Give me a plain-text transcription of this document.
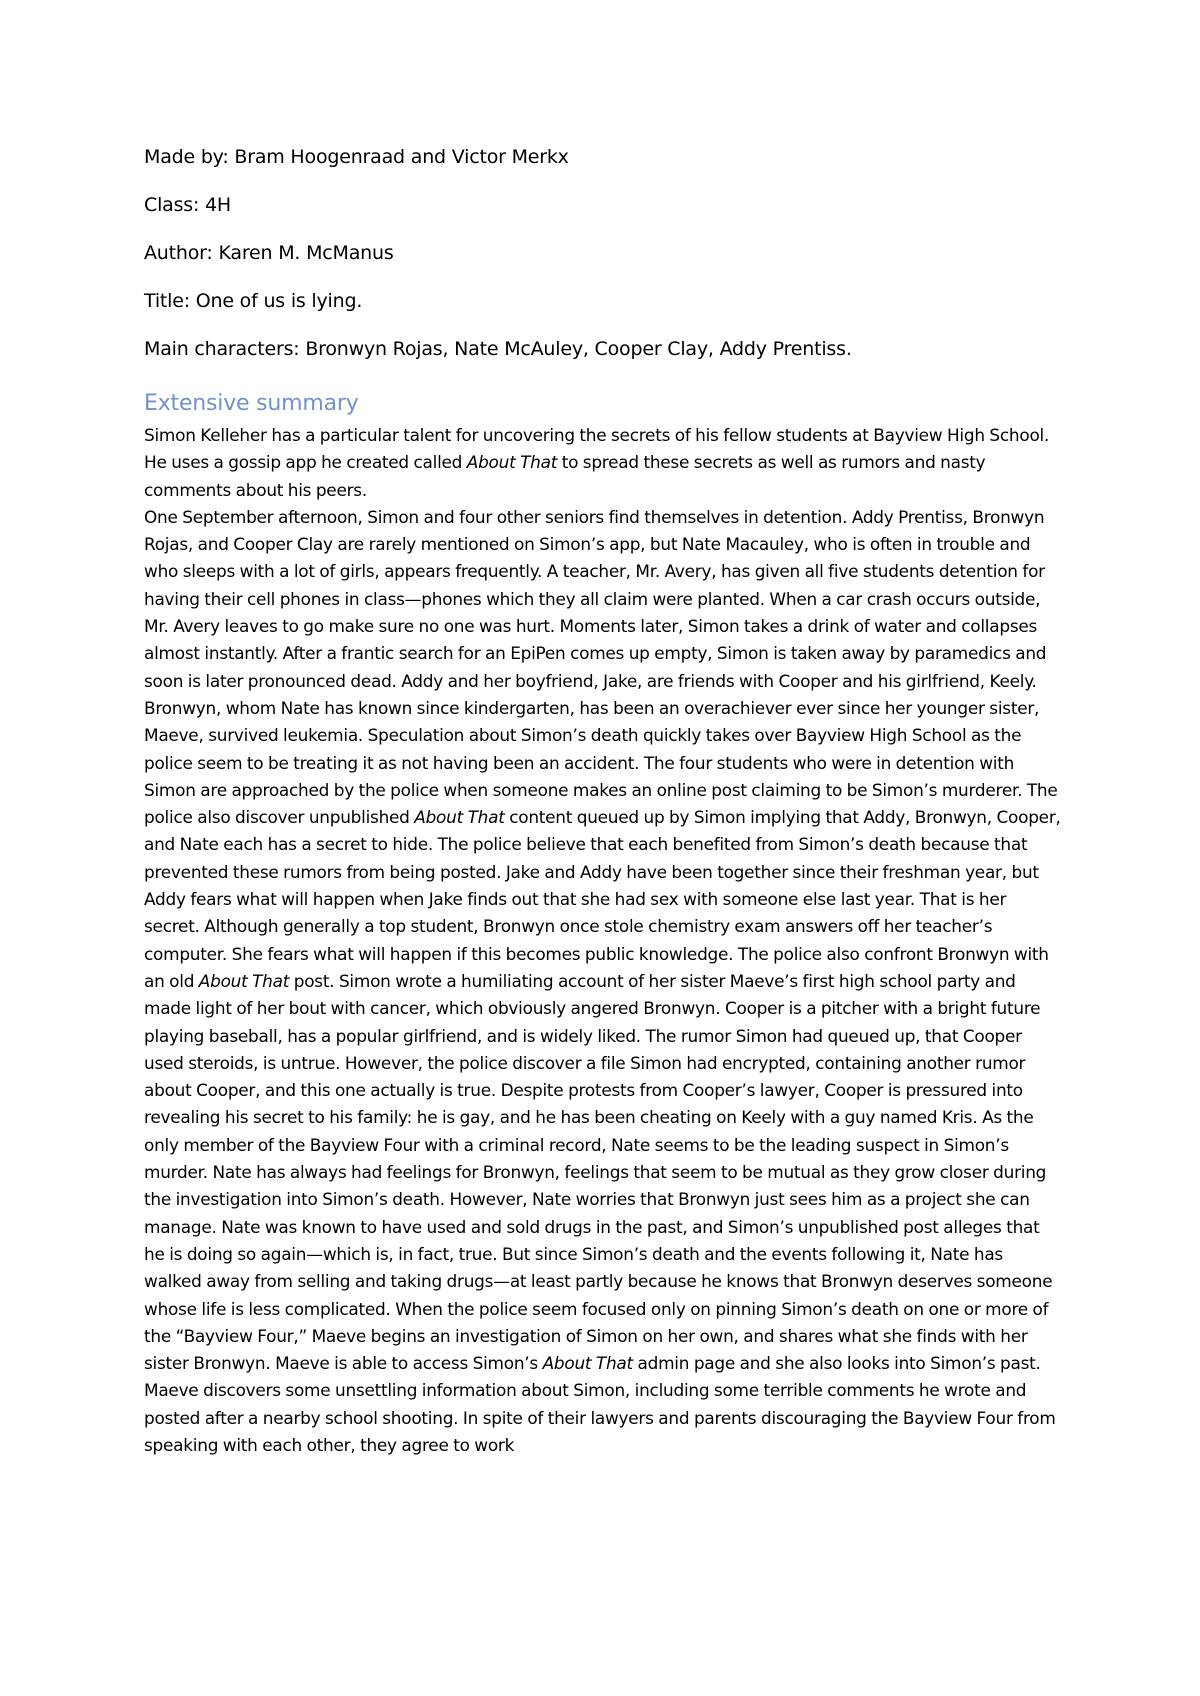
Made by: Bram Hoogenraad and Victor Merkx

Class: 4H

Author: Karen M. McManus

Title: One of us is lying.

Main characters: Bronwyn Rojas, Nate McAuley, Cooper Clay, Addy Prentiss.

Extensive summary

Simon Kelleher has a particular talent for uncovering the secrets of his fellow students at Bayview High School. He uses a gossip app he created called About That to spread these secrets as well as rumors and nasty comments about his peers.

One September afternoon, Simon and four other seniors find themselves in detention. Addy Prentiss, Bronwyn Rojas, and Cooper Clay are rarely mentioned on Simon’s app, but Nate Macauley, who is often in trouble and who sleeps with a lot of girls, appears frequently. A teacher, Mr. Avery, has given all five students detention for having their cell phones in class—phones which they all claim were planted. When a car crash occurs outside, Mr. Avery leaves to go make sure no one was hurt. Moments later, Simon takes a drink of water and collapses almost instantly. After a frantic search for an EpiPen comes up empty, Simon is taken away by paramedics and soon is later pronounced dead. Addy and her boyfriend, Jake, are friends with Cooper and his girlfriend, Keely. Bronwyn, whom Nate has known since kindergarten, has been an overachiever ever since her younger sister, Maeve, survived leukemia. Speculation about Simon’s death quickly takes over Bayview High School as the police seem to be treating it as not having been an accident. The four students who were in detention with Simon are approached by the police when someone makes an online post claiming to be Simon’s murderer. The police also discover unpublished About That content queued up by Simon implying that Addy, Bronwyn, Cooper, and Nate each has a secret to hide. The police believe that each benefited from Simon’s death because that prevented these rumors from being posted. Jake and Addy have been together since their freshman year, but Addy fears what will happen when Jake finds out that she had sex with someone else last year. That is her secret. Although generally a top student, Bronwyn once stole chemistry exam answers off her teacher’s computer. She fears what will happen if this becomes public knowledge. The police also confront Bronwyn with an old About That post. Simon wrote a humiliating account of her sister Maeve’s first high school party and made light of her bout with cancer, which obviously angered Bronwyn. Cooper is a pitcher with a bright future playing baseball, has a popular girlfriend, and is widely liked. The rumor Simon had queued up, that Cooper used steroids, is untrue. However, the police discover a file Simon had encrypted, containing another rumor about Cooper, and this one actually is true. Despite protests from Cooper’s lawyer, Cooper is pressured into revealing his secret to his family: he is gay, and he has been cheating on Keely with a guy named Kris. As the only member of the Bayview Four with a criminal record, Nate seems to be the leading suspect in Simon’s murder. Nate has always had feelings for Bronwyn, feelings that seem to be mutual as they grow closer during the investigation into Simon’s death. However, Nate worries that Bronwyn just sees him as a project she can manage. Nate was known to have used and sold drugs in the past, and Simon’s unpublished post alleges that he is doing so again—which is, in fact, true. But since Simon’s death and the events following it, Nate has walked away from selling and taking drugs—at least partly because he knows that Bronwyn deserves someone whose life is less complicated. When the police seem focused only on pinning Simon’s death on one or more of the “Bayview Four,” Maeve begins an investigation of Simon on her own, and shares what she finds with her sister Bronwyn. Maeve is able to access Simon’s About That admin page and she also looks into Simon’s past. Maeve discovers some unsettling information about Simon, including some terrible comments he wrote and posted after a nearby school shooting. In spite of their lawyers and parents discouraging the Bayview Four from speaking with each other, they agree to work
